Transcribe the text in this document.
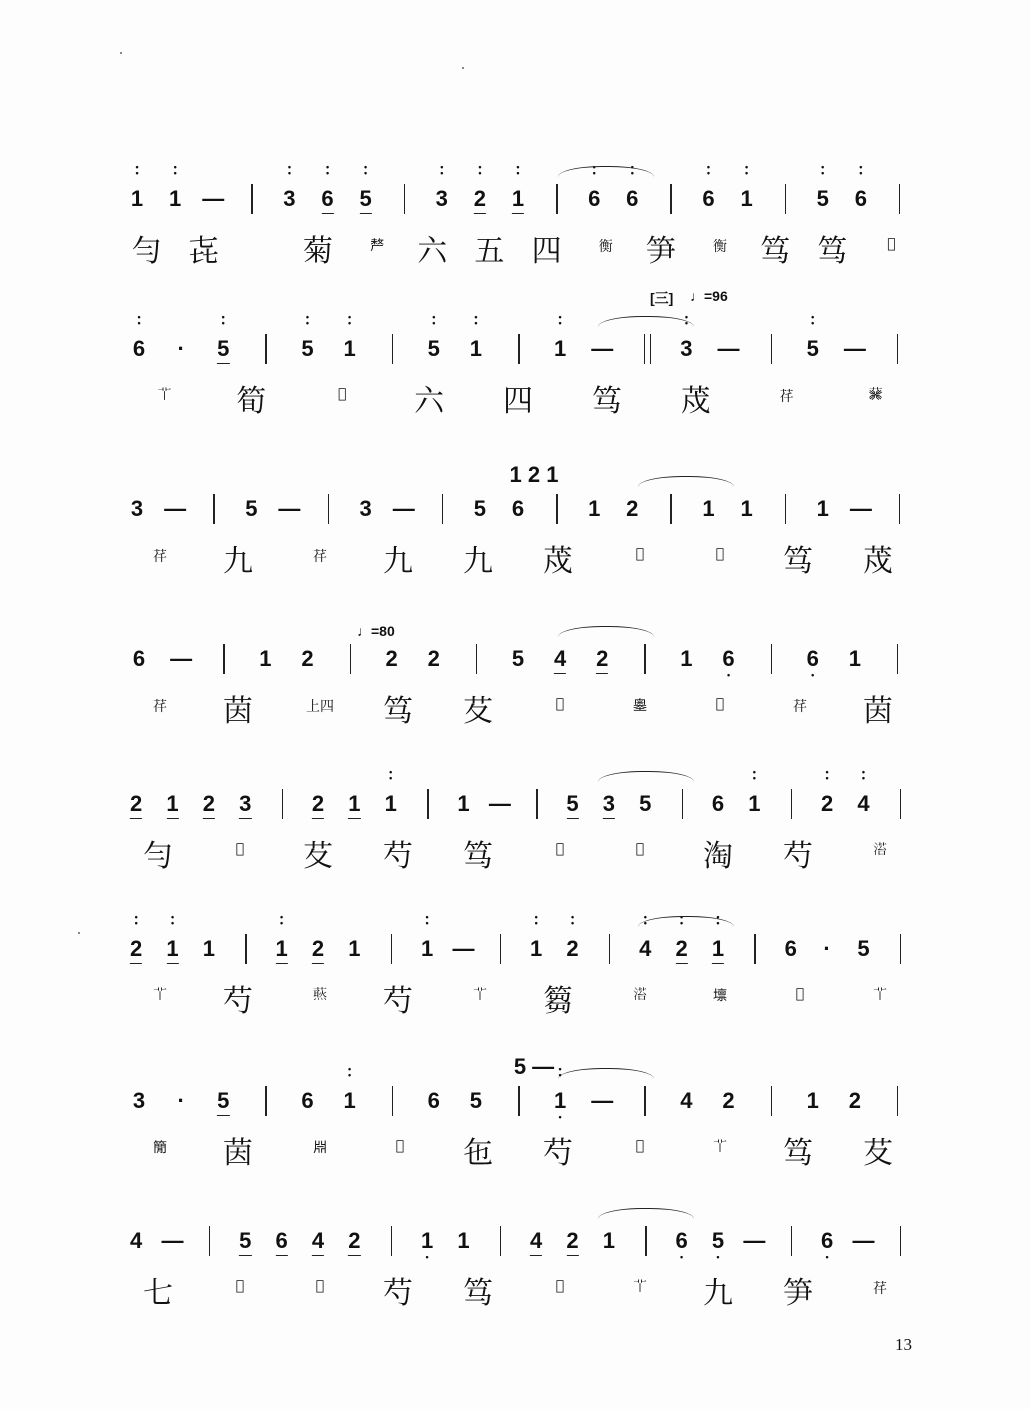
1
•
•
1
•
•
—	3
•
•
6
•
•
5
•
•
3
•
•
2
•
•
1
•
•
6
•
•
6
•
•
6
•
•
1
•
•
5
•
•
6
•
•
勻 㐂	菊	𠩺 六 五 四	𧗾 笋	𧗾 笃 笃	𦉳
6
•
•
· 5
•
•
5
•
•
1
•
•
5
•
•
1
•
•
1
•
•
—	3
•
•
—	5
•
•
—
𦫳 筍	𦉳 六 四 笃 荗	𦭛	𦮙
3 —	5 —	3 —	5 6	1 2	1 1	1 —
1 2 1
𦭛 九	𦭛 九 九 荗	𢀾	𢀾 笃 荗
6 —	1 2	2 2	5 4 2	1 6
•
6
•
1
𦭛 茵	上四 笃 䒘	𠥡	𡒃	𠥡	𦭛 茵
2 1 2 3	2 1 1
•
•
1 —	5 3 5	6 1
•
•
2
•
•
4
•
•
勻	𠇊 䒘 芍 笃	𦬒	𠇊 淘 芍	𣹓
2
•
•
1
•
•
1	1
•
•
2 1	1
•
•
—	1
•
•
2
•
•
4
•
•
2
•
•
1
•
•
6 · 5
𦫳 芍	𧀙 芍	𦫳 篘	𣹓	𡒄	𦵒	𦫳
3 · 5	6 1
•
•
6 5	1
•
•
•
—	4 2	1 2
5 —
𥳑 茵	𣶒	𠇊 㐌 芍	𦵒	𦫳 笃 䒘
4 —	5 6 4 2	1
•
1	4 2 1	6
•
5
•
—	6
•
—
七	𠥡	𠥡 芍 笃	𦵒	𦫳 九 笋	𦭛
[三] ♩=96
♩=80
13
